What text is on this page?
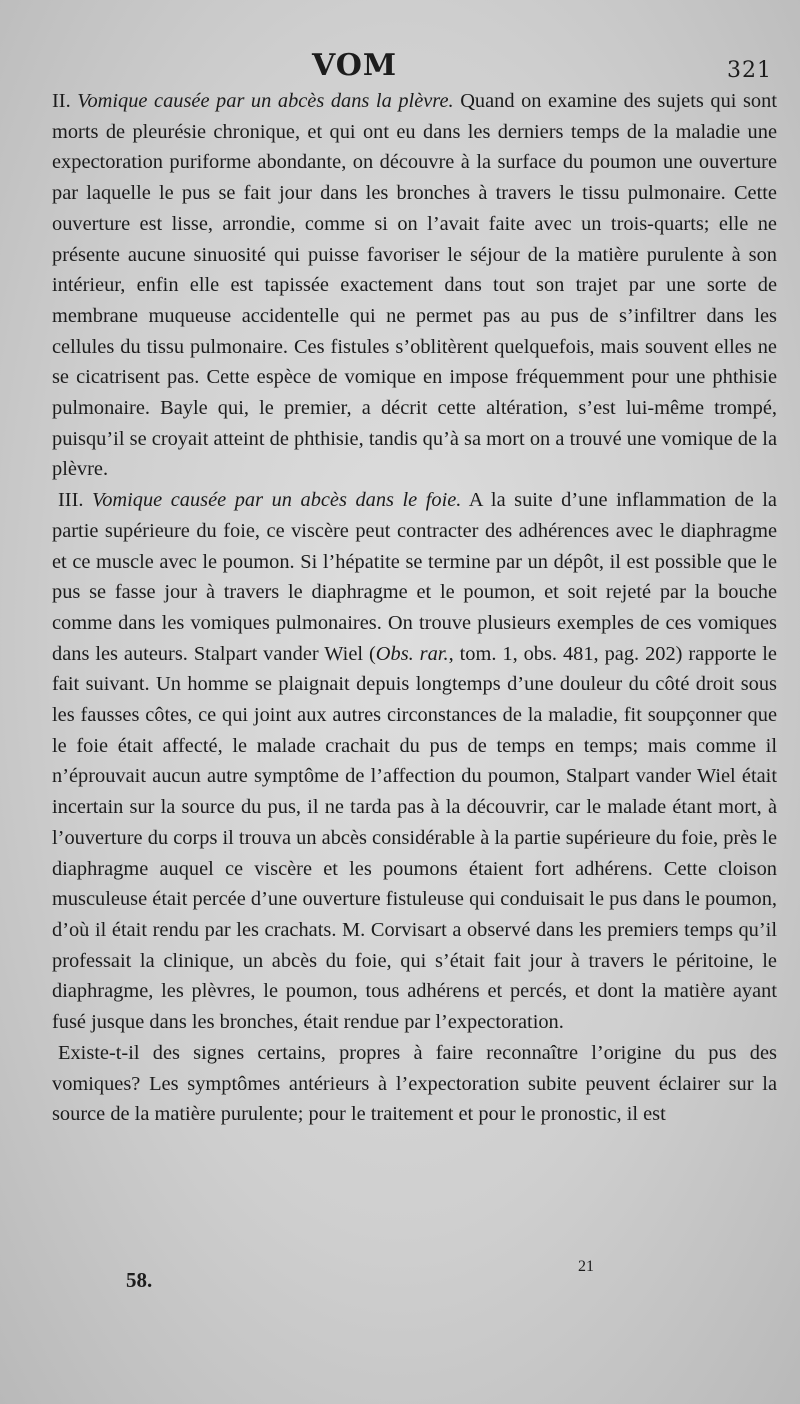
VOM	321

II. Vomique causée par un abcès dans la plèvre. Quand on examine des sujets qui sont morts de pleurésie chronique, et qui ont eu dans les derniers temps de la maladie une expectoration puriforme abondante, on découvre à la surface du poumon une ouverture par laquelle le pus se fait jour dans les bronches à travers le tissu pulmonaire. Cette ouverture est lisse, arrondie, comme si on l’avait faite avec un trois-quarts; elle ne présente aucune sinuosité qui puisse favoriser le séjour de la matière purulente à son intérieur, enfin elle est tapissée exactement dans tout son trajet par une sorte de membrane muqueuse accidentelle qui ne permet pas au pus de s’infiltrer dans les cellules du tissu pulmonaire. Ces fistules s’oblitèrent quelquefois, mais souvent elles ne se cicatrisent pas. Cette espèce de vomique en impose fréquemment pour une phthisie pulmonaire. Bayle qui, le premier, a décrit cette altération, s’est lui-même trompé, puisqu’il se croyait atteint de phthisie, tandis qu’à sa mort on a trouvé une vomique de la plèvre.

III. Vomique causée par un abcès dans le foie. A la suite d’une inflammation de la partie supérieure du foie, ce viscère peut contracter des adhérences avec le diaphragme et ce muscle avec le poumon. Si l’hépatite se termine par un dépôt, il est possible que le pus se fasse jour à travers le diaphragme et le poumon, et soit rejeté par la bouche comme dans les vomiques pulmonaires. On trouve plusieurs exemples de ces vomiques dans les auteurs. Stalpart vander Wiel (Obs. rar., tom. 1, obs. 481, pag. 202) rapporte le fait suivant. Un homme se plaignait depuis longtemps d’une douleur du côté droit sous les fausses côtes, ce qui joint aux autres circonstances de la maladie, fit soupçonner que le foie était affecté, le malade crachait du pus de temps en temps; mais comme il n’éprouvait aucun autre symptôme de l’affection du poumon, Stalpart vander Wiel était incertain sur la source du pus, il ne tarda pas à la découvrir, car le malade étant mort, à l’ouverture du corps il trouva un abcès considérable à la partie supérieure du foie, près le diaphragme auquel ce viscère et les poumons étaient fort adhérens. Cette cloison musculeuse était percée d’une ouverture fistuleuse qui conduisait le pus dans le poumon, d’où il était rendu par les crachats. M. Corvisart a observé dans les premiers temps qu’il professait la clinique, un abcès du foie, qui s’était fait jour à travers le péritoine, le diaphragme, les plèvres, le poumon, tous adhérens et percés, et dont la matière ayant fusé jusque dans les bronches, était rendue par l’expectoration.

Existe-t-il des signes certains, propres à faire reconnaître l’origine du pus des vomiques? Les symptômes antérieurs à l’expectoration subite peuvent éclairer sur la source de la matière purulente; pour le traitement et pour le pronostic, il est

58.
21
